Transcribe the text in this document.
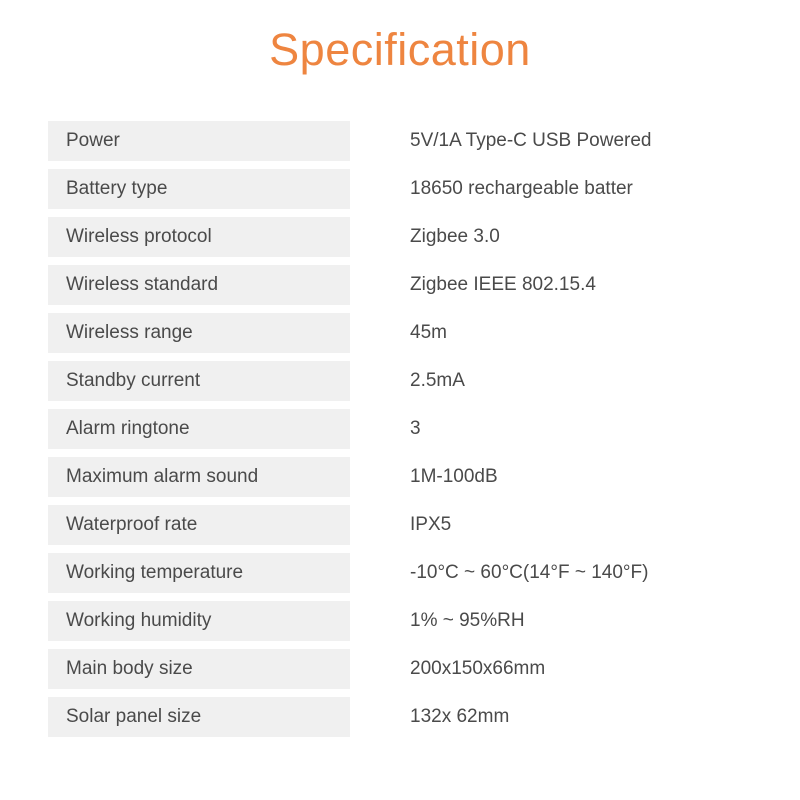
Specification
Power	5V/1A Type-C USB Powered
Battery type	18650 rechargeable batter
Wireless protocol	Zigbee 3.0
Wireless standard	Zigbee IEEE 802.15.4
Wireless range	45m
Standby current	2.5mA
Alarm ringtone	3
Maximum alarm sound	1M-100dB
Waterproof rate	IPX5
Working temperature	-10°C ~ 60°C(14°F ~ 140°F)
Working humidity	1% ~ 95%RH
Main body size	200x150x66mm
Solar panel size	132x 62mm
